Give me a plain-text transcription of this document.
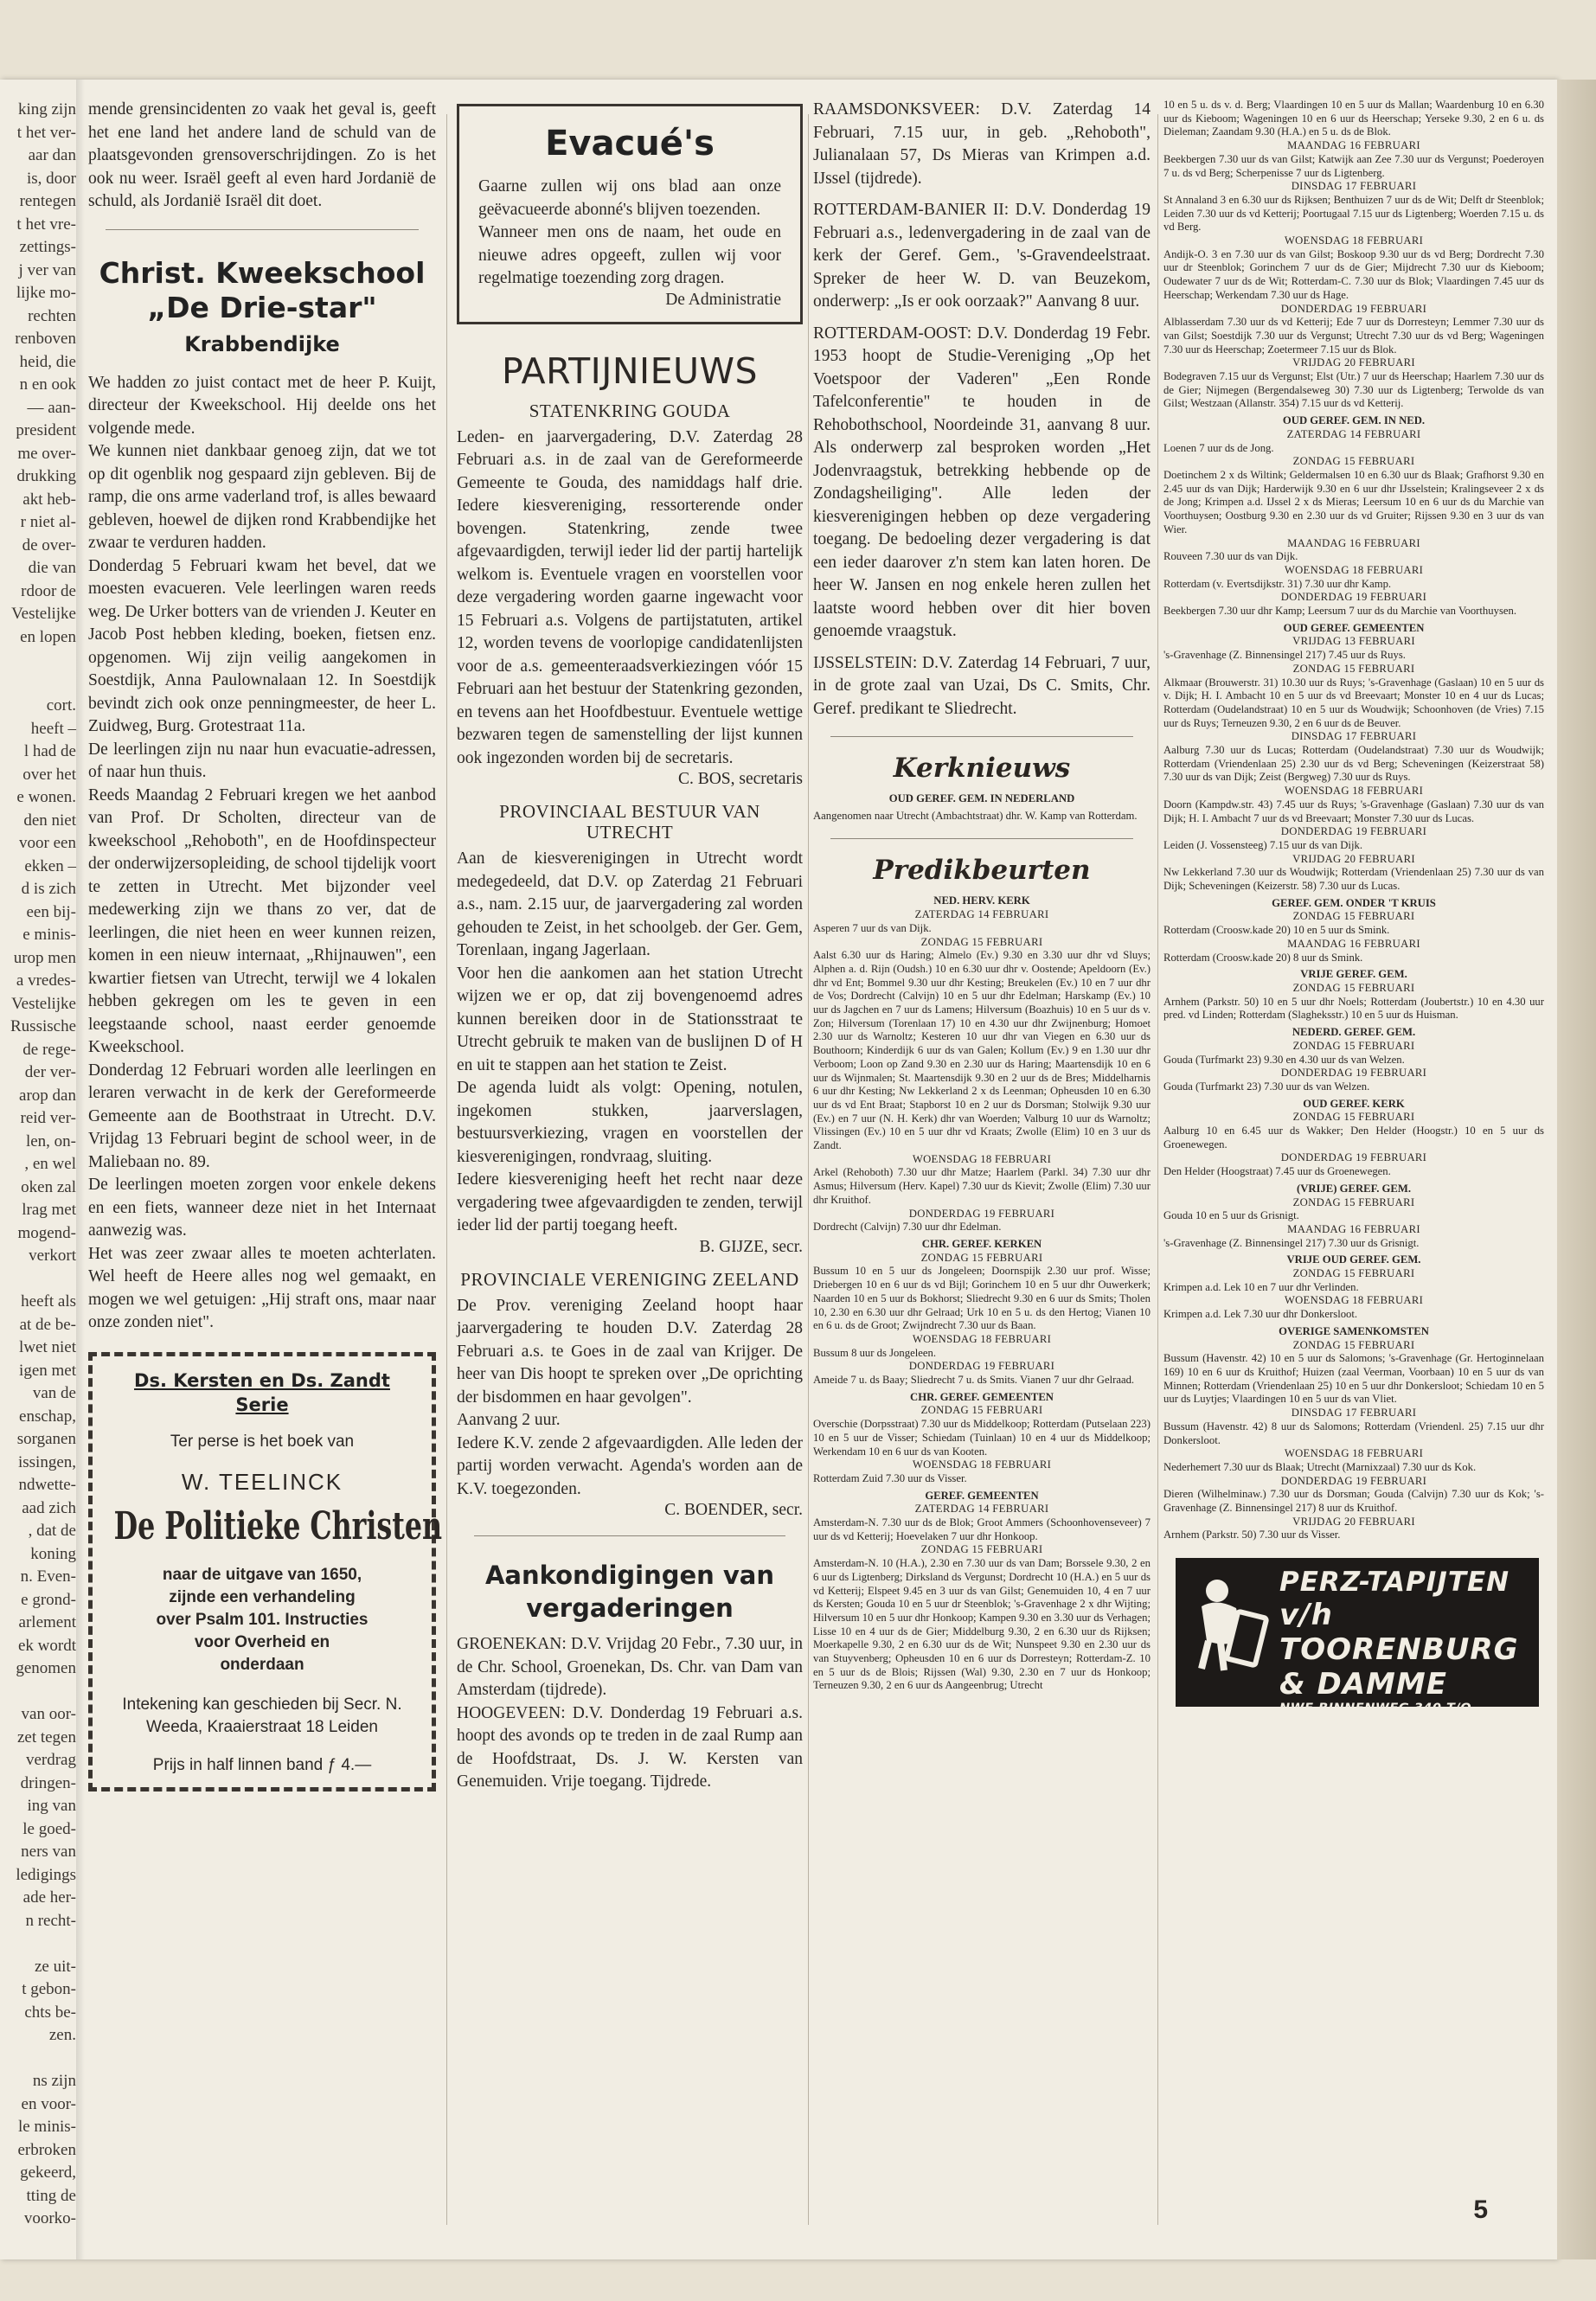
king zijn
t het ver-
aar dan
is, door
rentegen
t het vre-
zettings-
j ver van
lijke mo-
rechten
renboven
heid, die
n en ook
— aan-
president
me over-
drukking
akt heb-
r niet al-
de over-
die van
rdoor de
Vestelijke
en lopen
cort.
heeft –
l had de
over het
e wonen.
den niet
voor een
ekken –
d is zich
een bij-
e minis-
urop men
a vredes-
Vestelijke
Russische
de rege-
der ver-
arop dan
reid ver-
len, on-
, en wel
oken zal
lrag met
mogend-
verkort
heeft als
at de be-
lwet niet
igen met
van de
enschap,
sorganen
issingen,
ndwette-
aad zich
, dat de
koning
n. Even-
e grond-
arlement
ek wordt
genomen
van oor-
zet tegen
verdrag
dringen-
ing van
le goed-
ners van
ledigings
ade her-
n recht-
ze uit-
t gebon-
chts be-
zen.
ns zijn
en voor-
le minis-
erbroken
gekeerd,
tting de
voorko-
mende grensincidenten zo vaak het geval is, geeft het ene land het andere land de schuld van de plaatsgevonden grensoverschrijdingen. Zo is het ook nu weer. Israël geeft al even hard Jordanië de schuld, als Jordanië Israël dit doet.
Christ. Kweekschool
„De Drie-star"
Krabbendijke

We hadden zo juist contact met de heer P. Kuijt, directeur der Kweekschool. Hij deelde ons het volgende mede.

We kunnen niet dankbaar genoeg zijn, dat we tot op dit ogenblik nog gespaard zijn gebleven. Bij de ramp, die ons arme vaderland trof, is alles bewaard gebleven, hoewel de dijken rond Krabbendijke het zwaar te verduren hadden.

Donderdag 5 Februari kwam het bevel, dat we moesten evacueren. Vele leerlingen waren reeds weg. De Urker botters van de vrienden J. Keuter en Jacob Post hebben kleding, boeken, fietsen enz. opgenomen. Wij zijn veilig aangekomen in Soestdijk, Anna Paulownalaan 12. In Soestdijk bevindt zich ook onze penningmeester, de heer L. Zuidweg, Burg. Grotestraat 11a.

De leerlingen zijn nu naar hun evacuatie-adressen, of naar hun thuis.

Reeds Maandag 2 Februari kregen we het aanbod van Prof. Dr Scholten, directeur van de kweekschool „Rehoboth", en de Hoofdinspecteur der onderwijzersopleiding, de school tijdelijk voort te zetten in Utrecht. Met bijzonder veel medewerking zijn we thans zo ver, dat de leerlingen, die niet heen en weer kunnen reizen, komen in een nieuw internaat, „Rhijnauwen", een kwartier fietsen van Utrecht, terwijl we 4 lokalen hebben gekregen om les te geven in een leegstaande school, naast eerder genoemde Kweekschool.

Donderdag 12 Februari worden alle leerlingen en leraren verwacht in de kerk der Gereformeerde Gemeente aan de Boothstraat in Utrecht. D.V. Vrijdag 13 Februari begint de school weer, in de Maliebaan no. 89.

De leerlingen moeten zorgen voor enkele dekens en een fiets, wanneer deze niet in het Internaat aanwezig was.

Het was zeer zwaar alles te moeten achterlaten. Wel heeft de Heere alles nog wel gemaakt, en mogen we wel getuigen: „Hij straft ons, maar naar onze zonden niet".

Ds. Kersten en Ds. Zandt
Serie
Ter perse is het boek van
W. TEELINCK
De Politieke Christen
naar de uitgave van 1650, zijnde een verhandeling over Psalm 101. Instructies voor Overheid en onderdaan
Intekening kan geschieden bij Secr. N. Weeda, Kraaierstraat 18 Leiden
Prijs in half linnen band ƒ 4.—
Evacué's
Gaarne zullen wij ons blad aan onze geëvacueerde abonné's blijven toezenden.
Wanneer men ons de naam, het oude en nieuwe adres opgeeft, zullen wij voor regelmatige toezending zorg dragen.
De Administratie
PARTIJNIEUWS
STATENKRING GOUDA
Leden- en jaarvergadering, D.V. Zaterdag 28 Februari a.s. in de zaal van de Gereformeerde Gemeente te Gouda, des namiddags half drie. Iedere kiesvereniging, ressorterende onder bovengen. Statenkring, zende twee afgevaardigden, terwijl ieder lid der partij hartelijk welkom is. Eventuele vragen en voorstellen voor deze vergadering worden gaarne ingewacht voor 15 Februari a.s. Volgens de partijstatuten, artikel 12, worden tevens de voorlopige candidatenlijsten voor de a.s. gemeenteraadsverkiezingen vóór 15 Februari aan het bestuur der Statenkring gezonden, en tevens aan het Hoofdbestuur. Eventuele wettige bezwaren tegen de samenstelling der lijst kunnen ook ingezonden worden bij de secretaris.
C. BOS, secretaris
PROVINCIAAL BESTUUR VAN UTRECHT
Aan de kiesverenigingen in Utrecht wordt medegedeeld, dat D.V. op Zaterdag 21 Februari a.s., nam. 2.15 uur, de jaarvergadering zal worden gehouden te Zeist, in het schoolgeb. der Ger. Gem, Torenlaan, ingang Jagerlaan.
Voor hen die aankomen aan het station Utrecht wijzen we er op, dat zij bovengenoemd adres kunnen bereiken door in de Stationsstraat te Utrecht gebruik te maken van de buslijnen D of H en uit te stappen aan het station te Zeist.
De agenda luidt als volgt: Opening, notulen, ingekomen stukken, jaarverslagen, bestuursverkiezing, vragen en voorstellen der kiesverenigingen, rondvraag, sluiting.
Iedere kiesvereniging heeft het recht naar deze vergadering twee afgevaardigden te zenden, terwijl ieder lid der partij toegang heeft.
B. GIJZE, secr.
PROVINCIALE VERENIGING ZEELAND
De Prov. vereniging Zeeland hoopt haar jaarvergadering te houden D.V. Zaterdag 28 Februari a.s. te Goes in de zaal van Krijger. De heer van Dis hoopt te spreken over „De oprichting der bisdommen en haar gevolgen".
Aanvang 2 uur.
Iedere K.V. zende 2 afgevaardigden. Alle leden der partij worden verwacht. Agenda's worden aan de K.V. toegezonden.
C. BOENDER, secr.
Aankondigingen van
vergaderingen
GROENEKAN: D.V. Vrijdag 20 Febr., 7.30 uur, in de Chr. School, Groenekan, Ds. Chr. van Dam van Amsterdam (tijdrede).
HOOGEVEEN: D.V. Donderdag 19 Februari a.s. hoopt des avonds op te treden in de zaal Rump aan de Hoofdstraat, Ds. J. W. Kersten van Genemuiden. Vrije toegang. Tijdrede.
RAAMSDONKSVEER: D.V. Zaterdag 14 Februari, 7.15 uur, in geb. „Rehoboth", Julianalaan 57, Ds Mieras van Krimpen a.d. IJssel (tijdrede).
ROTTERDAM-BANIER II: D.V. Donderdag 19 Februari a.s., ledenvergadering in de zaal van de kerk der Geref. Gem., 's-Gravendeelstraat. Spreker de heer W. D. van Beuzekom, onderwerp: „Is er ook oorzaak?" Aanvang 8 uur.
ROTTERDAM-OOST: D.V. Donderdag 19 Febr. 1953 hoopt de Studie-Vereniging „Op het Voetspoor der Vaderen" „Een Ronde Tafelconferentie" te houden in de Rehobothschool, Noordeinde 31, aanvang 8 uur. Als onderwerp zal besproken worden „Het Jodenvraagstuk, betrekking hebbende op de Zondagsheiliging". Alle leden der kiesverenigingen hebben op deze vergadering toegang. De bedoeling dezer vergadering is dat een ieder daarover z'n stem kan laten horen. De heer W. Jansen en nog enkele heren zullen het laatste woord hebben over dit hier boven genoemde vraagstuk.
IJSSELSTEIN: D.V. Zaterdag 14 Februari, 7 uur, in de grote zaal van Uzai, Ds C. Smits, Chr. Geref. predikant te Sliedrecht.
Kerknieuws
OUD GEREF. GEM. IN NEDERLAND
Aangenomen naar Utrecht (Ambachtstraat) dhr. W. Kamp van Rotterdam.
Predikbeurten
NED. HERV. KERK
ZATERDAG 14 FEBRUARI
Asperen 7 uur ds van Dijk.
ZONDAG 15 FEBRUARI
Aalst 6.30 uur ds Haring; Almelo (Ev.) 9.30 en 3.30 uur dhr vd Sluys; Alphen a. d. Rijn (Oudsh.) 10 en 6.30 uur dhr v. Oostende; Apeldoorn (Ev.) dhr vd Ent; Bommel 9.30 uur dhr Kesting; Breukelen (Ev.) 10 en 7 uur dhr de Vos; Dordrecht (Calvijn) 10 en 5 uur dhr Edelman; Harskamp (Ev.) 10 uur ds Jagchen en 7 uur ds Lamens; Hilversum (Boazhuis) 10 en 5 uur ds v. Zon; Hilversum (Torenlaan 17) 10 en 4.30 uur dhr Zwijnenburg; Homoet 2.30 uur ds Warnoltz; Kesteren 10 uur dhr van Viegen en 6.30 uur ds Bouthoorn; Kinderdijk 6 uur ds van Galen; Kollum (Ev.) 9 en 1.30 uur dhr Verboom; Loon op Zand 9.30 en 2.30 uur ds Haring; Maartensdijk 10 en 6 uur ds Wijnmalen; St. Maartensdijk 9.30 en 2 uur ds de Bres; Middelharnis 6 uur dhr Kesting; Nw Lekkerland 2 x ds Leenman; Opheusden 10 en 6.30 uur ds vd Ent Braat; Stapborst 10 en 2 uur ds Dorsman; Stolwijk 9.30 uur (Ev.) en 7 uur (N. H. Kerk) dhr van Woerden; Valburg 10 uur ds Warnoltz; Vlissingen (Ev.) 10 en 5 uur dhr vd Kraats; Zwolle (Elim) 10 en 3 uur ds Zandt.
WOENSDAG 18 FEBRUARI
Arkel (Rehoboth) 7.30 uur dhr Matze; Haarlem (Parkl. 34) 7.30 uur dhr Asmus; Hilversum (Herv. Kapel) 7.30 uur ds Kievit; Zwolle (Elim) 7.30 uur dhr Kruithof.
DONDERDAG 19 FEBRUARI
Dordrecht (Calvijn) 7.30 uur dhr Edelman.
CHR. GEREF. KERKEN
ZONDAG 15 FEBRUARI
Bussum 10 en 5 uur ds Jongeleen; Doornspijk 2.30 uur prof. Wisse; Driebergen 10 en 6 uur ds vd Bijl; Gorinchem 10 en 5 uur dhr Ouwerkerk; Naarden 10 en 5 uur ds Bokhorst; Sliedrecht 9.30 en 6 uur ds Smits; Tholen 10, 2.30 en 6.30 uur dhr Gelraad; Urk 10 en 5 u. ds den Hertog; Vianen 10 en 6 u. ds de Groot; Zwijndrecht 7.30 uur ds Baan.
WOENSDAG 18 FEBRUARI
Bussum 8 uur ds Jongeleen.
DONDERDAG 19 FEBRUARI
Ameide 7 u. ds Baay; Sliedrecht 7 u. ds Smits. Vianen 7 uur dhr Gelraad.
CHR. GEREF. GEMEENTEN
ZONDAG 15 FEBRUARI
Overschie (Dorpsstraat) 7.30 uur ds Middelkoop; Rotterdam (Putselaan 223) 10 en 5 uur de Visser; Schiedam (Tuinlaan) 10 en 4 uur ds Middelkoop; Werkendam 10 en 6 uur ds van Kooten.
WOENSDAG 18 FEBRUARI
Rotterdam Zuid 7.30 uur ds Visser.
GEREF. GEMEENTEN
ZATERDAG 14 FEBRUARI
Amsterdam-N. 7.30 uur ds de Blok; Groot Ammers (Schoonhovenseveer) 7 uur ds vd Ketterij; Hoevelaken 7 uur dhr Honkoop.
ZONDAG 15 FEBRUARI
Amsterdam-N. 10 (H.A.), 2.30 en 7.30 uur ds van Dam; Borssele 9.30, 2 en 6 uur ds Ligtenberg; Dirksland ds Vergunst; Dordrecht 10 (H.A.) en 5 uur ds vd Ketterij; Elspeet 9.45 en 3 uur ds van Gilst; Genemuiden 10, 4 en 7 uur ds Kersten; Gouda 10 en 5 uur dr Steenblok; 's-Gravenhage 2 x dhr Wijting; Hilversum 10 en 5 uur dhr Honkoop; Kampen 9.30 en 3.30 uur ds Verhagen; Lisse 10 en 4 uur ds de Gier; Middelburg 9.30, 2 en 6.30 uur ds Rijksen; Moerkapelle 9.30, 2 en 6.30 uur ds de Wit; Nunspeet 9.30 en 2.30 uur ds van Stuyvenberg; Opheusden 10 en 6 uur ds Dorresteyn; Rotterdam-Z. 10 en 5 uur ds de Blois; Rijssen (Wal) 9.30, 2.30 en 7 uur ds Honkoop; Terneuzen 9.30, 2 en 6 uur ds Aangeenbrug; Utrecht
10 en 5 u. ds v. d. Berg; Vlaardingen 10 en 5 uur ds Mallan; Waardenburg 10 en 6.30 uur ds Kieboom; Wageningen 10 en 6 uur ds Heerschap; Yerseke 9.30, 2 en 6 u. ds Dieleman; Zaandam 9.30 (H.A.) en 5 u. ds de Blok.
MAANDAG 16 FEBRUARI
Beekbergen 7.30 uur ds van Gilst; Katwijk aan Zee 7.30 uur ds Vergunst; Poederoyen 7 u. ds vd Berg; Scherpenisse 7 uur ds Ligtenberg.
DINSDAG 17 FEBRUARI
St Annaland 3 en 6.30 uur ds Rijksen; Benthuizen 7 uur ds de Wit; Delft dr Steenblok; Leiden 7.30 uur ds vd Ketterij; Poortugaal 7.15 uur ds Ligtenberg; Woerden 7.15 u. ds vd Berg.
WOENSDAG 18 FEBRUARI
Andijk-O. 3 en 7.30 uur ds van Gilst; Boskoop 9.30 uur ds vd Berg; Dordrecht 7.30 uur dr Steenblok; Gorinchem 7 uur ds de Gier; Mijdrecht 7.30 uur ds Kieboom; Oudewater 7 uur ds de Wit; Rotterdam-C. 7.30 uur ds Blok; Vlaardingen 7.45 uur ds Heerschap; Werkendam 7.30 uur ds Hage.
DONDERDAG 19 FEBRUARI
Alblasserdam 7.30 uur ds vd Ketterij; Ede 7 uur ds Dorresteyn; Lemmer 7.30 uur ds van Gilst; Soestdijk 7.30 uur ds Vergunst; Utrecht 7.30 uur ds vd Berg; Wageningen 7.30 uur ds Heerschap; Zoetermeer 7.15 uur ds Blok.
VRIJDAG 20 FEBRUARI
Bodegraven 7.15 uur ds Vergunst; Elst (Utr.) 7 uur ds Heerschap; Haarlem 7.30 uur ds de Gier; Nijmegen (Bergendalseweg 30) 7.30 uur ds Ligtenberg; Terwolde ds van Gilst; Westzaan (Allanstr. 354) 7.15 uur ds vd Ketterij.
OUD GEREF. GEM. IN NED.
ZATERDAG 14 FEBRUARI
Loenen 7 uur ds de Jong.
ZONDAG 15 FEBRUARI
Doetinchem 2 x ds Wiltink; Geldermalsen 10 en 6.30 uur ds Blaak; Grafhorst 9.30 en 2.45 uur ds van Dijk; Harderwijk 9.30 en 6 uur dhr IJsselstein; Kralingseveer 2 x ds de Jong; Krimpen a.d. IJssel 2 x ds Mieras; Leersum 10 en 6 uur ds du Marchie van Voorthuysen; Oostburg 9.30 en 2.30 uur ds vd Gruiter; Rijssen 9.30 en 3 uur ds van Wier.
MAANDAG 16 FEBRUARI
Rouveen 7.30 uur ds van Dijk.
WOENSDAG 18 FEBRUARI
Rotterdam (v. Evertsdijkstr. 31) 7.30 uur dhr Kamp.
DONDERDAG 19 FEBRUARI
Beekbergen 7.30 uur dhr Kamp; Leersum 7 uur ds du Marchie van Voorthuysen.
OUD GEREF. GEMEENTEN
VRIJDAG 13 FEBRUARI
's-Gravenhage (Z. Binnensingel 217) 7.45 uur ds Ruys.
ZONDAG 15 FEBRUARI
Alkmaar (Brouwerstr. 31) 10.30 uur ds Ruys; 's-Gravenhage (Gaslaan) 10 en 5 uur ds v. Dijk; H. I. Ambacht 10 en 5 uur ds vd Breevaart; Monster 10 en 4 uur ds Lucas; Rotterdam (Oudelandstraat) 10 en 5 uur ds Woudwijk; Schoonhoven (de Vries) 7.15 uur ds Ruys; Terneuzen 9.30, 2 en 6 uur ds de Beuver.
DINSDAG 17 FEBRUARI
Aalburg 7.30 uur ds Lucas; Rotterdam (Oudelandstraat) 7.30 uur ds Woudwijk; Rotterdam (Vriendenlaan 25) 2.30 uur ds vd Berg; Scheveningen (Keizerstraat 58) 7.30 uur ds van Dijk; Zeist (Bergweg) 7.30 uur ds Ruys.
WOENSDAG 18 FEBRUARI
Doorn (Kampdw.str. 43) 7.45 uur ds Ruys; 's-Gravenhage (Gaslaan) 7.30 uur ds van Dijk; H. I. Ambacht 7 uur ds vd Breevaart; Monster 7.30 uur ds Lucas.
DONDERDAG 19 FEBRUARI
Leiden (J. Vossensteeg) 7.15 uur ds van Dijk.
VRIJDAG 20 FEBRUARI
Nw Lekkerland 7.30 uur ds Woudwijk; Rotterdam (Vriendenlaan 25) 7.30 uur ds van Dijk; Scheveningen (Keizerstr. 58) 7.30 uur ds Lucas.
GEREF. GEM. ONDER 'T KRUIS
ZONDAG 15 FEBRUARI
Rotterdam (Croosw.kade 20) 10 en 5 uur ds Smink.
MAANDAG 16 FEBRUARI
Rotterdam (Croosw.kade 20) 8 uur ds Smink.
VRIJE GEREF. GEM.
ZONDAG 15 FEBRUARI
Arnhem (Parkstr. 50) 10 en 5 uur dhr Noels; Rotterdam (Joubertstr.) 10 en 4.30 uur pred. vd Linden; Rotterdam (Slagheksstr.) 10 en 5 uur ds Huisman.
NEDERD. GEREF. GEM.
ZONDAG 15 FEBRUARI
Gouda (Turfmarkt 23) 9.30 en 4.30 uur ds van Welzen.
DONDERDAG 19 FEBRUARI
Gouda (Turfmarkt 23) 7.30 uur ds van Welzen.
OUD GEREF. KERK
ZONDAG 15 FEBRUARI
Aalburg 10 en 6.45 uur ds Wakker; Den Helder (Hoogstr.) 10 en 5 uur ds Groenewegen.
DONDERDAG 19 FEBRUARI
Den Helder (Hoogstraat) 7.45 uur ds Groenewegen.
(VRIJE) GEREF. GEM.
ZONDAG 15 FEBRUARI
Gouda 10 en 5 uur ds Grisnigt.
MAANDAG 16 FEBRUARI
's-Gravenhage (Z. Binnensingel 217) 7.30 uur ds Grisnigt.
VRIJE OUD GEREF. GEM.
ZONDAG 15 FEBRUARI
Krimpen a.d. Lek 10 en 7 uur dhr Verlinden.
WOENSDAG 18 FEBRUARI
Krimpen a.d. Lek 7.30 uur dhr Donkersloot.
OVERIGE SAMENKOMSTEN
ZONDAG 15 FEBRUARI
Bussum (Havenstr. 42) 10 en 5 uur ds Salomons; 's-Gravenhage (Gr. Hertoginnelaan 169) 10 en 6 uur ds Kruithof; Huizen (zaal Veerman, Voorbaan) 10 en 5 uur ds van Minnen; Rotterdam (Vriendenlaan 25) 10 en 5 uur dhr Donkersloot; Schiedam 10 en 5 uur ds Luytjes; Vlaardingen 10 en 5 uur ds van Vliet.
DINSDAG 17 FEBRUARI
Bussum (Havenstr. 42) 8 uur ds Salomons; Rotterdam (Vriendenl. 25) 7.15 uur dhr Donkersloot.
WOENSDAG 18 FEBRUARI
Nederhemert 7.30 uur ds Blaak; Utrecht (Marnixzaal) 7.30 uur ds Kok.
DONDERDAG 19 FEBRUARI
Dieren (Wilhelminaw.) 7.30 uur ds Dorsman; Gouda (Calvijn) 7.30 uur ds Kok; 's-Gravenhage (Z. Binnensingel 217) 8 uur ds Kruithof.
VRIJDAG 20 FEBRUARI
Arnhem (Parkstr. 50) 7.30 uur ds Visser.
PERZ-TAPIJTEN
v/h TOORENBURG
& DAMME
NWE BINNENWEG 340 T/O PLANTSOEN
ROTTERDAM TELEFOON 34136
5
